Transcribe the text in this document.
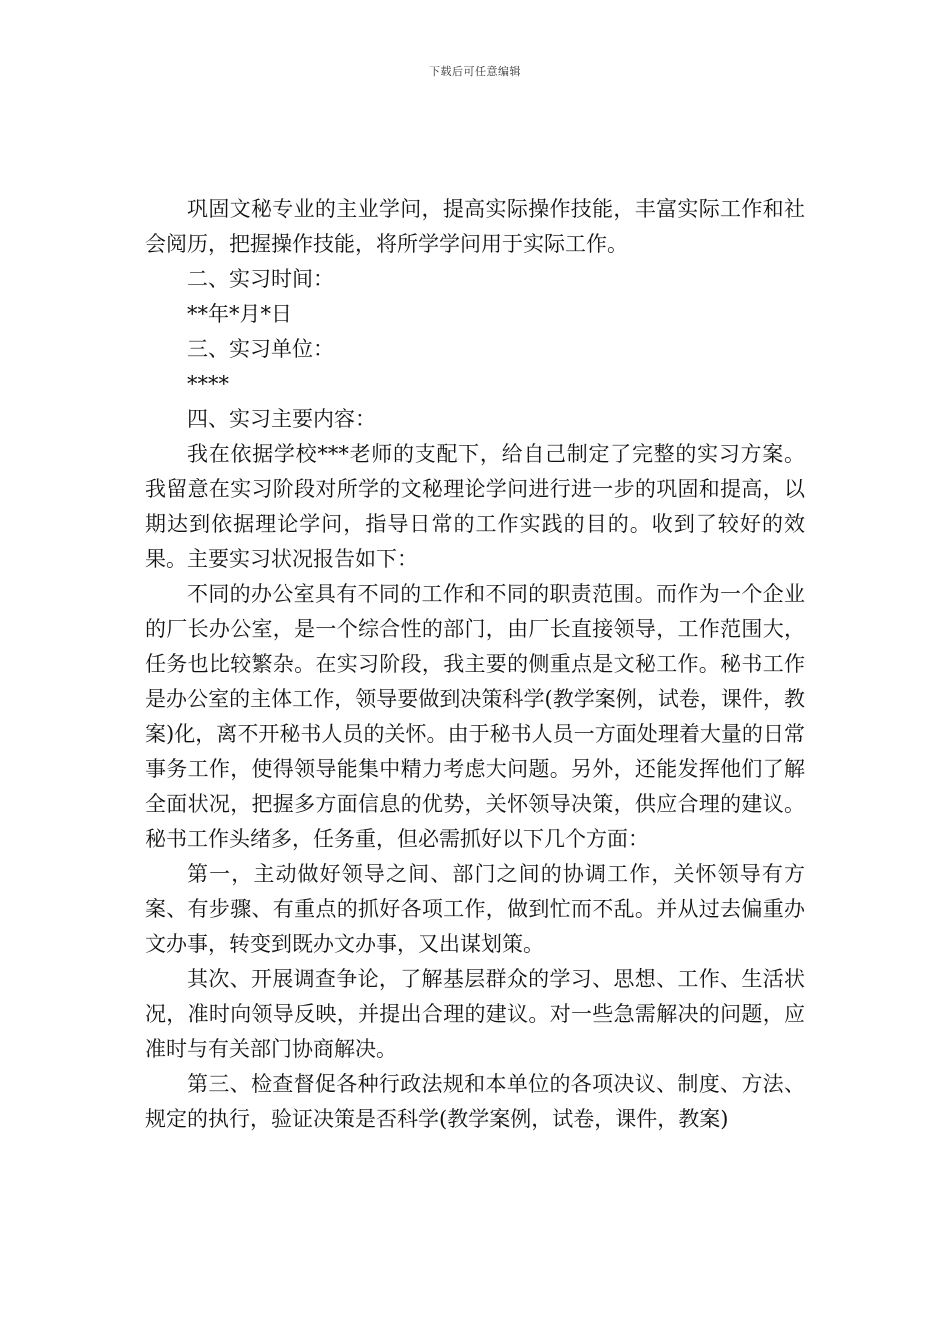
下载后可任意编辑

巩固文秘专业的主业学问，提高实际操作技能，丰富实际工作和社会阅历，把握操作技能，将所学学问用于实际工作。

二、实习时间：

**年*月*日

三、实习单位：

****

四、实习主要内容：

我在依据学校***老师的支配下，给自己制定了完整的实习方案。我留意在实习阶段对所学的文秘理论学问进行进一步的巩固和提高，以期达到依据理论学问，指导日常的工作实践的目的。收到了较好的效果。主要实习状况报告如下：

不同的办公室具有不同的工作和不同的职责范围。而作为一个企业的厂长办公室，是一个综合性的部门，由厂长直接领导，工作范围大，任务也比较繁杂。在实习阶段，我主要的侧重点是文秘工作。秘书工作是办公室的主体工作，领导要做到决策科学(教学案例，试卷，课件，教案)化，离不开秘书人员的关怀。由于秘书人员一方面处理着大量的日常事务工作，使得领导能集中精力考虑大问题。另外，还能发挥他们了解全面状况，把握多方面信息的优势，关怀领导决策，供应合理的建议。秘书工作头绪多，任务重，但必需抓好以下几个方面：

第一，主动做好领导之间、部门之间的协调工作，关怀领导有方案、有步骤、有重点的抓好各项工作，做到忙而不乱。并从过去偏重办文办事，转变到既办文办事，又出谋划策。

其次、开展调查争论，了解基层群众的学习、思想、工作、生活状况，准时向领导反映，并提出合理的建议。对一些急需解决的问题，应准时与有关部门协商解决。

第三、检查督促各种行政法规和本单位的各项决议、制度、方法、规定的执行，验证决策是否科学(教学案例，试卷，课件，教案)
